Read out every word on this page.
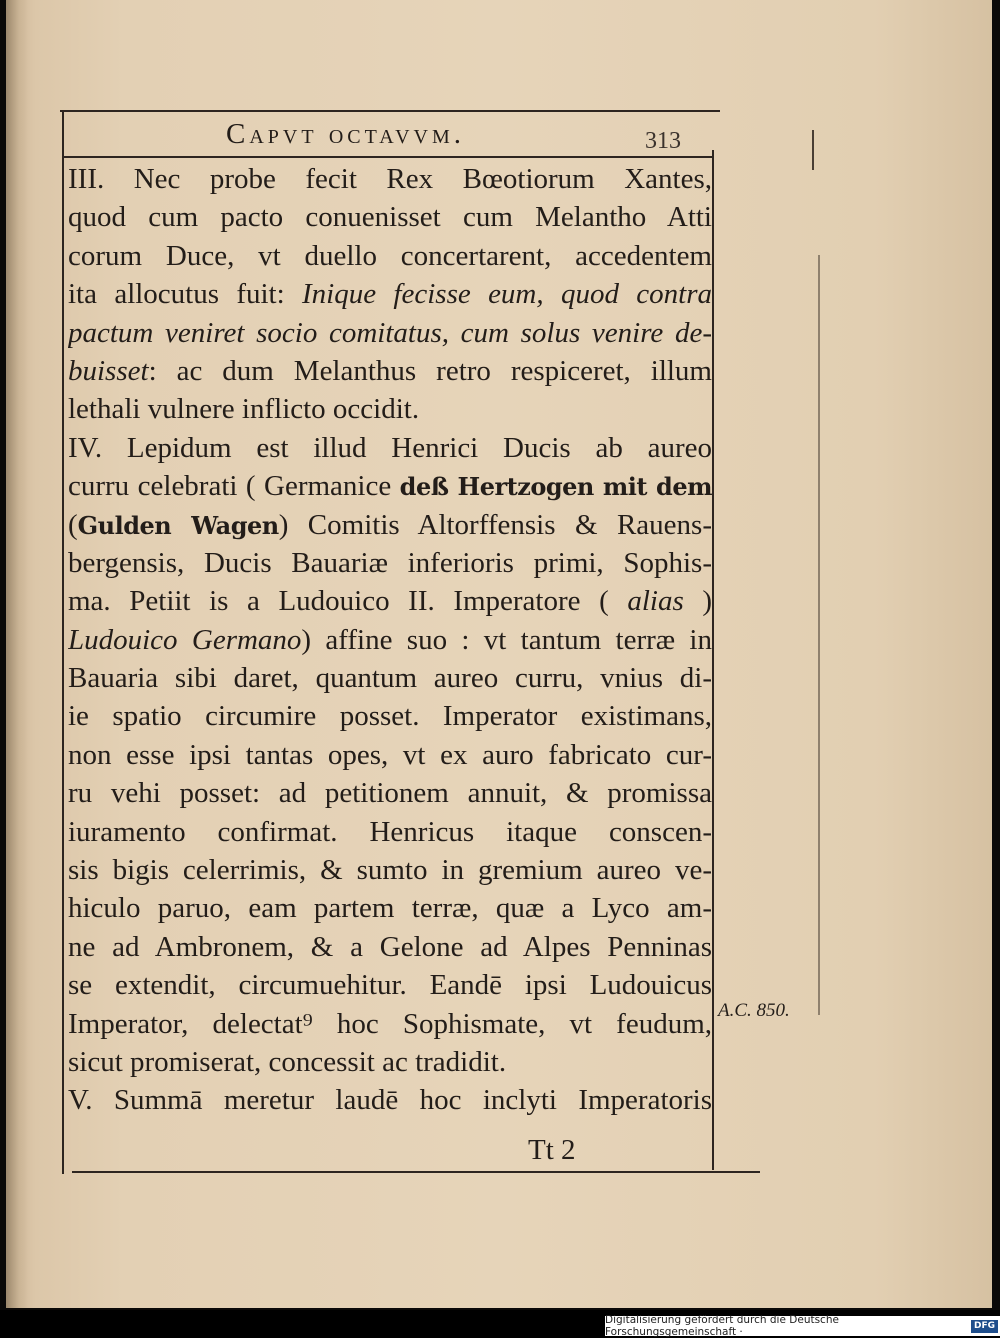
Capvt octavvm.	313
III. Nec probe fecit Rex Bœotiorum Xantes,
quod cum pacto conuenisset cum Melantho Atti
corum Duce, vt duello concertarent, accedentem
ita allocutus fuit: Inique fecisse eum, quod contra
pactum veniret socio comitatus, cum solus venire de-
buisset: ac dum Melanthus retro respiceret, illum
lethali vulnere inflicto occidit.
IV. Lepidum est illud Henrici Ducis ab aureo
curru celebrati ( Germanice deß Hertzogen mit dem
(Gulden Wagen) Comitis Altorffensis & Rauens-
bergensis, Ducis Bauariæ inferioris primi, Sophis-
ma. Petiit is a Ludouico II. Imperatore ( alias )
Ludouico Germano) affine suo : vt tantum terræ in
Bauaria sibi daret, quantum aureo curru, vnius di-
ie spatio circumire posset. Imperator existimans,
non esse ipsi tantas opes, vt ex auro fabricato cur-
ru vehi posset: ad petitionem annuit, & promissa
iuramento confirmat. Henricus itaque conscen-
sis bigis celerrimis, & sumto in gremium aureo ve-
hiculo paruo, eam partem terræ, quæ a Lyco am-
ne ad Ambronem, & a Gelone ad Alpes Penninas
se extendit, circumuehitur. Eandē ipsi Ludouicus
Imperator, delectat⁹ hoc Sophismate, vt feudum,
sicut promiserat, concessit ac tradidit.
V. Summā meretur laudē hoc inclyti Imperatoris
A.C. 850.
Tt 2
Digitalisierung gefördert durch die Deutsche Forschungsgemeinschaft ·
DFG
